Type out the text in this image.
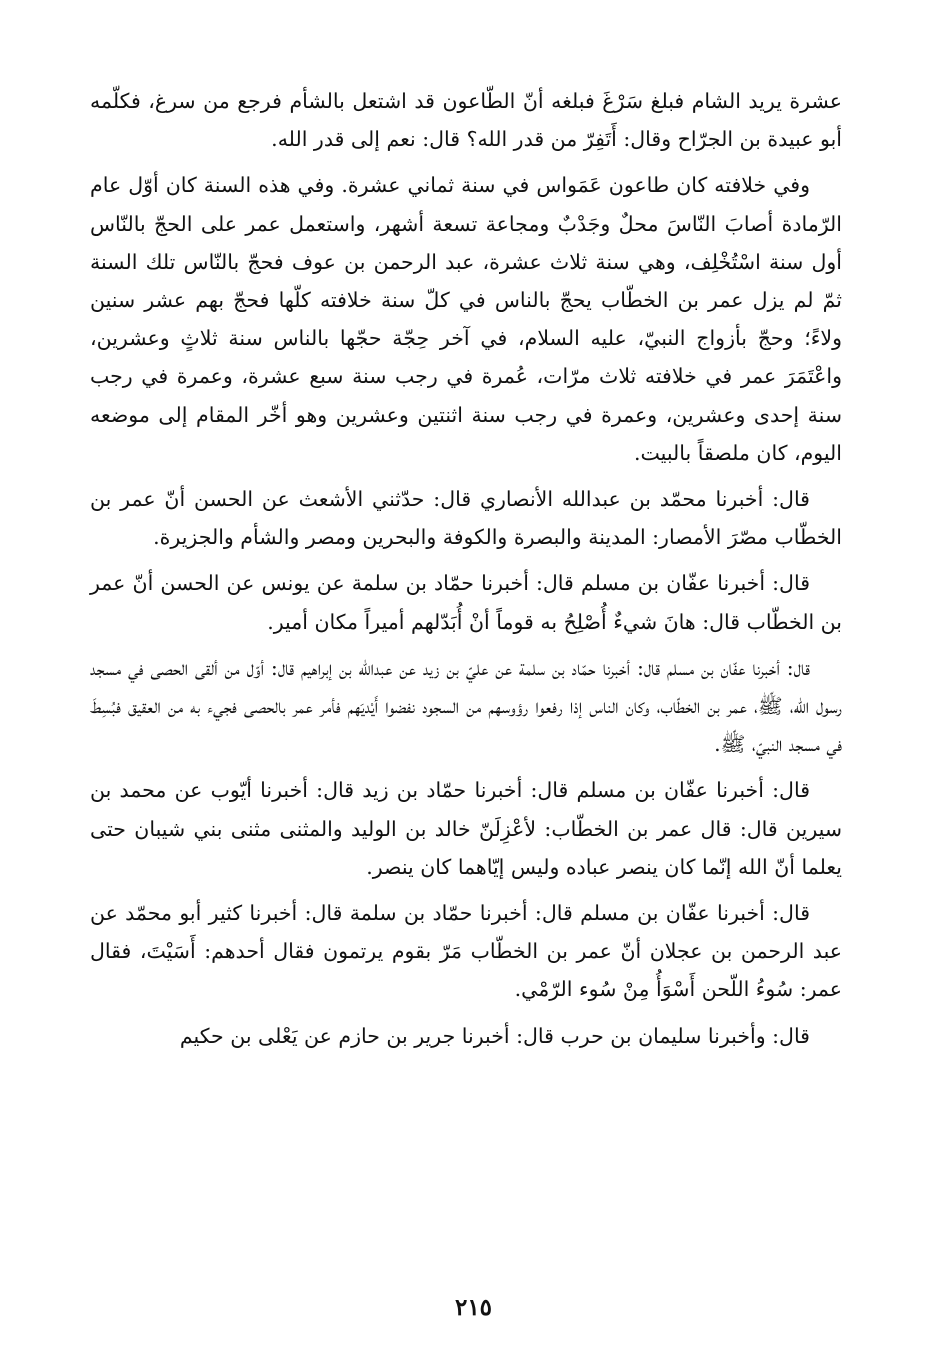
عشرة يريد الشام فبلغ سَرْغَ فبلغه أنّ الطّاعون قد اشتعل بالشأم فرجع من سرغ، فكلّمه أبو عبيدة بن الجرّاح وقال: أَتَفِرّ من قدر الله؟ قال: نعم إلى قدر الله.

وفي خلافته كان طاعون عَمَواس في سنة ثماني عشرة. وفي هذه السنة كان أوّل عام الرّمادة أصابَ النّاسَ محلٌ وجَدْبٌ ومجاعة تسعة أشهر، واستعمل عمر على الحجّ بالنّاس أول سنة اسْتُخْلِف، وهي سنة ثلاث عشرة، عبد الرحمن بن عوف فحجّ بالنّاس تلك السنة ثمّ لم يزل عمر بن الخطّاب يحجّ بالناس في كلّ سنة خلافته كلّها فحجّ بهم عشر سنين ولاءً؛ وحجّ بأزواج النبيّ، عليه السلام، في آخر حِجّة حجّها بالناس سنة ثلاثٍ وعشرين، واعْتَمَرَ عمر في خلافته ثلاث مرّات، عُمرة في رجب سنة سبع عشرة، وعمرة في رجب سنة إحدى وعشرين، وعمرة في رجب سنة اثنتين وعشرين وهو أخّر المقام إلى موضعه اليوم، كان ملصقاً بالبيت.

قال: أخبرنا محمّد بن عبدالله الأنصاري قال: حدّثني الأشعث عن الحسن أنّ عمر بن الخطّاب مصّرَ الأمصار: المدينة والبصرة والكوفة والبحرين ومصر والشأم والجزيرة.

قال: أخبرنا عفّان بن مسلم قال: أخبرنا حمّاد بن سلمة عن يونس عن الحسن أنّ عمر بن الخطّاب قال: هانَ شيءٌ أُصْلِحُ به قوماً أنْ أُبَدّلهم أميراً مكان أمير.

قال: أخبرنا عفّان بن مسلم قال: أخبرنا حمّاد بن سلمة عن عليّ بن زيد عن عبدالله بن إبراهيم قال: أوّل من ألقى الحصى في مسجد رسول الله، ﷺ، عمر بن الخطّاب، وكان الناس إذا رفعوا رؤوسهم من السجود نفضوا أَيْديَهم فأمر عمر بالحصى فجيء به من العقيق فبُسِطَ في مسجد النبيّ، ﷺ.

قال: أخبرنا عفّان بن مسلم قال: أخبرنا حمّاد بن زيد قال: أخبرنا أيّوب عن محمد بن سيرين قال: قال عمر بن الخطّاب: لأعْزِلَنّ خالد بن الوليد والمثنى مثنى بني شيبان حتى يعلما أنّ الله إنّما كان ينصر عباده وليس إيّاهما كان ينصر.

قال: أخبرنا عفّان بن مسلم قال: أخبرنا حمّاد بن سلمة قال: أخبرنا كثير أبو محمّد عن عبد الرحمن بن عجلان أنّ عمر بن الخطّاب مَرّ بقوم يرتمون فقال أحدهم: أَسَيْتَ، فقال عمر: سُوءُ اللّحن أَسْوَأُ مِنْ سُوء الرّمْي.

قال: وأخبرنا سليمان بن حرب قال: أخبرنا جرير بن حازم عن يَعْلى بن حكيم

٢١٥
